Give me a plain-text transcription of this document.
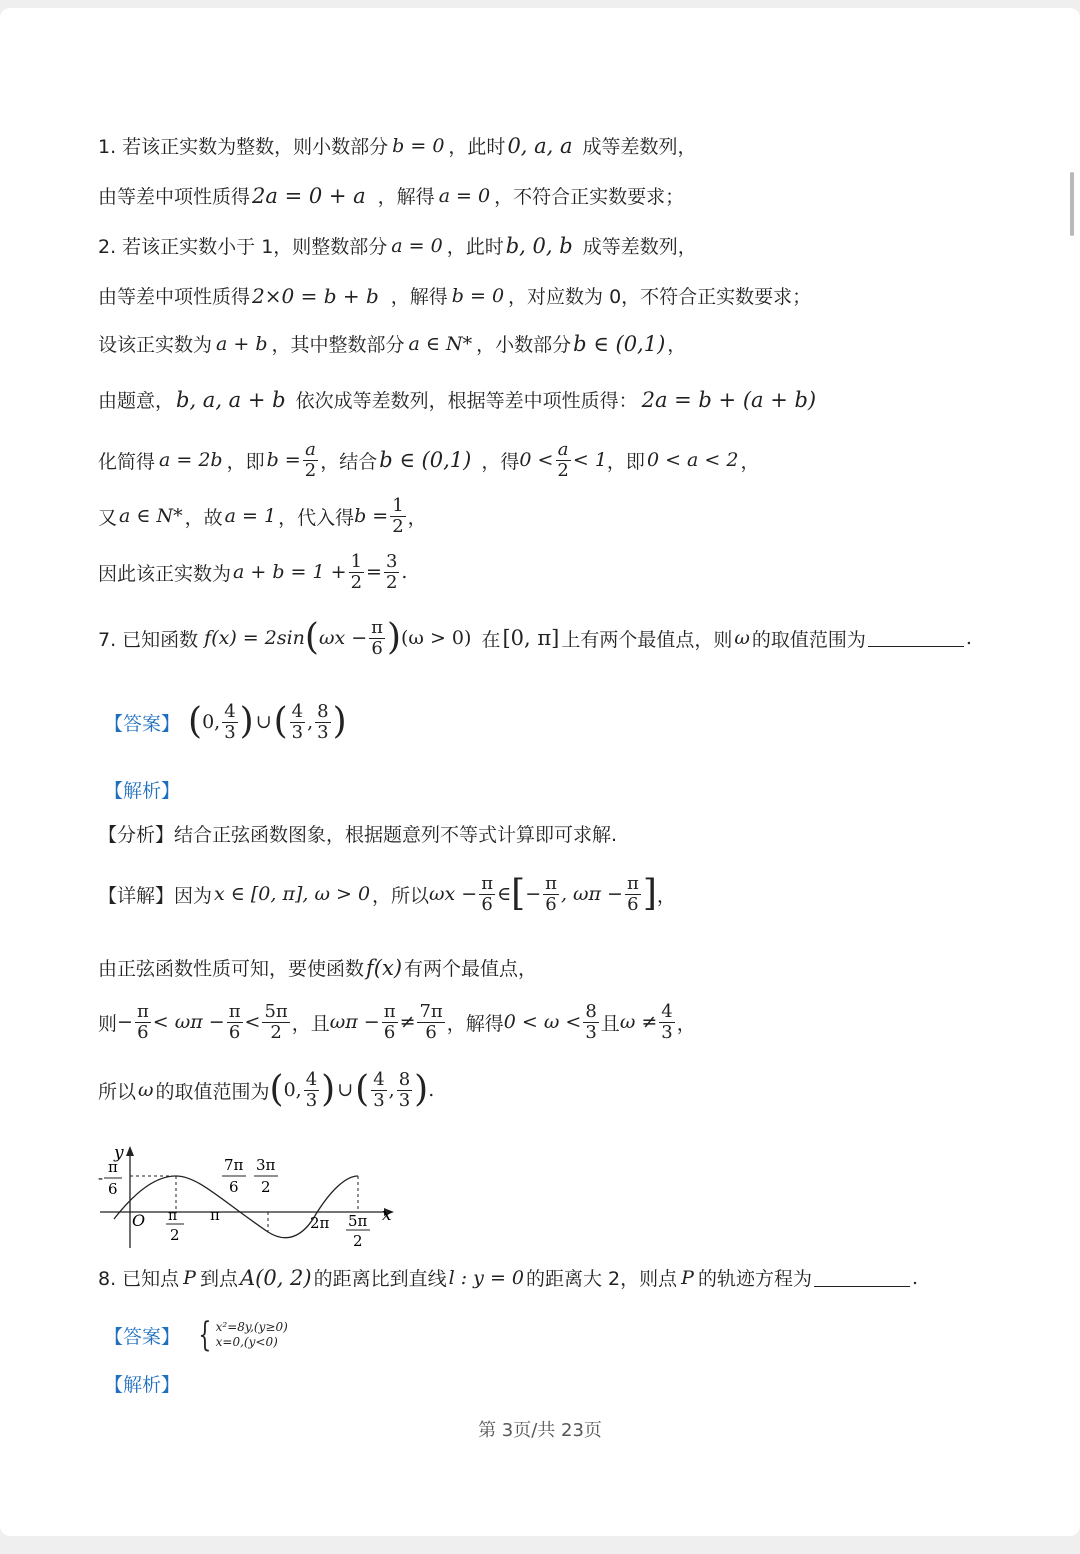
1. 若该正实数为整数，则小数部分 b = 0 ，此时 0, a, a 成等差数列，
由等差中项性质得 2a = 0 + a ，解得 a = 0 ，不符合正实数要求；
2. 若该正实数小于 1，则整数部分 a = 0 ，此时 b, 0, b 成等差数列，
由等差中项性质得 2×0 = b + b ，解得 b = 0 ，对应数为 0，不符合正实数要求；
设该正实数为 a + b ，其中整数部分 a ∈ N* ，小数部分 b ∈ (0,1) ，
由题意， b, a, a + b 依次成等差数列，根据等差中项性质得： 2a = b + (a + b)
化简得 a = 2b ，即 $b = \frac{a}{2}$ ，结合 b ∈ (0,1) ，得 $0 < \frac{a}{2} < 1$ ，即 0 < a < 2 ，
又 a ∈ N* ，故 a = 1 ，代入得 $b = \frac{1}{2}$ ，
因此该正实数为 $a + b = 1 + \frac{1}{2} = \frac{3}{2}$ .
7. 已知函数 f(x) = 2sin ( $\omega x - \frac{\pi}{6}$ ) (ω > 0) 在 [0, π] 上有两个最值点，则 ω 的取值范围为	.
【答案】 ( 0, $\frac{4}{3}$ ) ∪ ( $\frac{4}{3}$ , $\frac{8}{3}$ )
【解析】
【分析】 结合正弦函数图象，根据题意列不等式计算即可求解.
【详解】 因为 x ∈ [0, π], ω > 0 ，所以 $\omega x - \frac{\pi}{6}$ ∈ [ − $\frac{\pi}{6}$ , $\omega\pi - \frac{\pi}{6}$ ] ，
由正弦函数性质可知，要使函数 f(x) 有两个最值点，
则 − $\frac{\pi}{6} < \omega\pi - \frac{\pi}{6} < \frac{5\pi}{2}$ ，且 $\omega\pi - \frac{\pi}{6} \ne \frac{7\pi}{6}$ ，解得 $0 < \omega < \frac{8}{3}$ 且 $\omega \ne \frac{4}{3}$ ，
所以 ω 的取值范围为 ( 0, $\frac{4}{3}$ ) ∪ ( $\frac{4}{3}$ , $\frac{8}{3}$ ) .
y
x
O
π
6
-
7π
6
3π
2
π
2
π	2π 5π
2
8. 已知点 P 到点 A(0, 2) 的距离比到直线 l : y = 0 的距离大 2，则点 P 的轨迹方程为	.
【答案】 { x²=8y,(y≥0)
x=0,(y<0)
【解析】
第 3页/共 23页
